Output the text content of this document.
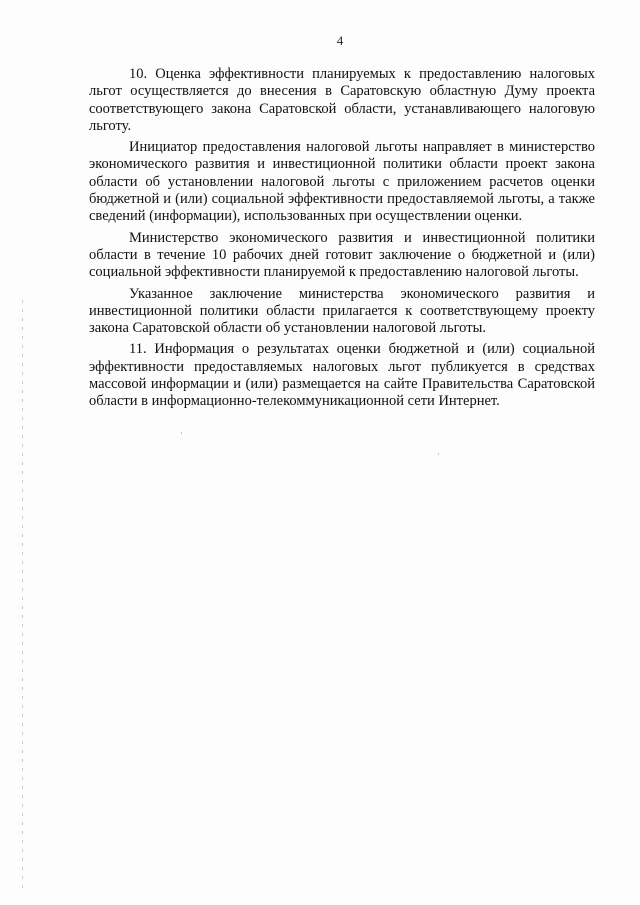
4

10. Оценка эффективности планируемых к предоставлению налоговых льгот осуществляется до внесения в Саратовскую областную Думу проекта соответствующего закона Саратовской области, устанавливающего налоговую льготу.

Инициатор предоставления налоговой льготы направляет в министерство экономического развития и инвестиционной политики области проект закона области об установлении налоговой льготы с приложением расчетов оценки бюджетной и (или) социальной эффективности предоставляемой льготы, а также сведений (информации), использованных при осуществлении оценки.

Министерство экономического развития и инвестиционной политики области в течение 10 рабочих дней готовит заключение о бюджетной и (или) социальной эффективности планируемой к предоставлению налоговой льготы.

Указанное заключение министерства экономического развития и инвестиционной политики области прилагается к соответствующему проекту закона Саратовской области об установлении налоговой льготы.

11. Информация о результатах оценки бюджетной и (или) социальной эффективности предоставляемых налоговых льгот публикуется в средствах массовой информации и (или) размещается на сайте Правительства Саратовской области в информационно-телекоммуникационной сети Интернет.
